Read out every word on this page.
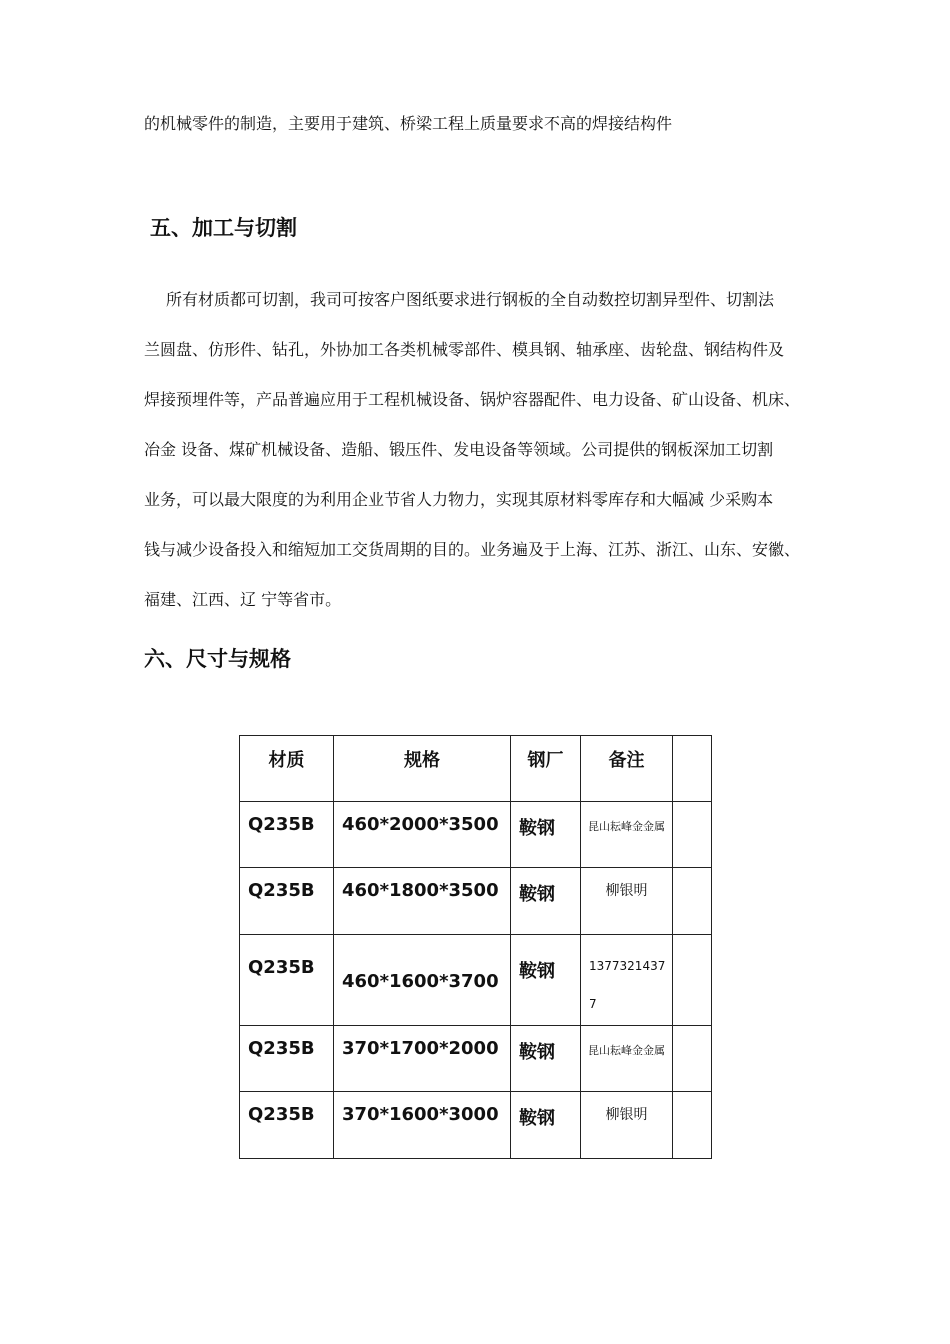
的机械零件的制造，主要用于建筑、桥梁工程上质量要求不高的焊接结构件
五、加工与切割
所有材质都可切割，我司可按客户图纸要求进行钢板的全自动数控切割异型件、切割法
兰圆盘、仿形件、钻孔，外协加工各类机械零部件、模具钢、轴承座、齿轮盘、钢结构件及
焊接预埋件等，产品普遍应用于工程机械设备、锅炉容器配件、电力设备、矿山设备、机床、
冶金 设备、煤矿机械设备、造船、锻压件、发电设备等领域。公司提供的钢板深加工切割
业务，可以最大限度的为利用企业节省人力物力，实现其原材料零库存和大幅减 少采购本
钱与减少设备投入和缩短加工交货周期的目的。业务遍及于上海、江苏、浙江、山东、安徽、
福建、江西、辽 宁等省市。
六、尺寸与规格
材质	规格	钢厂	备注	
Q235B	460*2000*3500	鞍钢	昆山耘峰金金属	
Q235B	460*1800*3500	鞍钢	柳银明	
Q235B	460*1600*3700	鞍钢	1377321437
7	

Q235B	370*1700*2000	鞍钢	昆山耘峰金金属	
Q235B	370*1600*3000	鞍钢	柳银明	
